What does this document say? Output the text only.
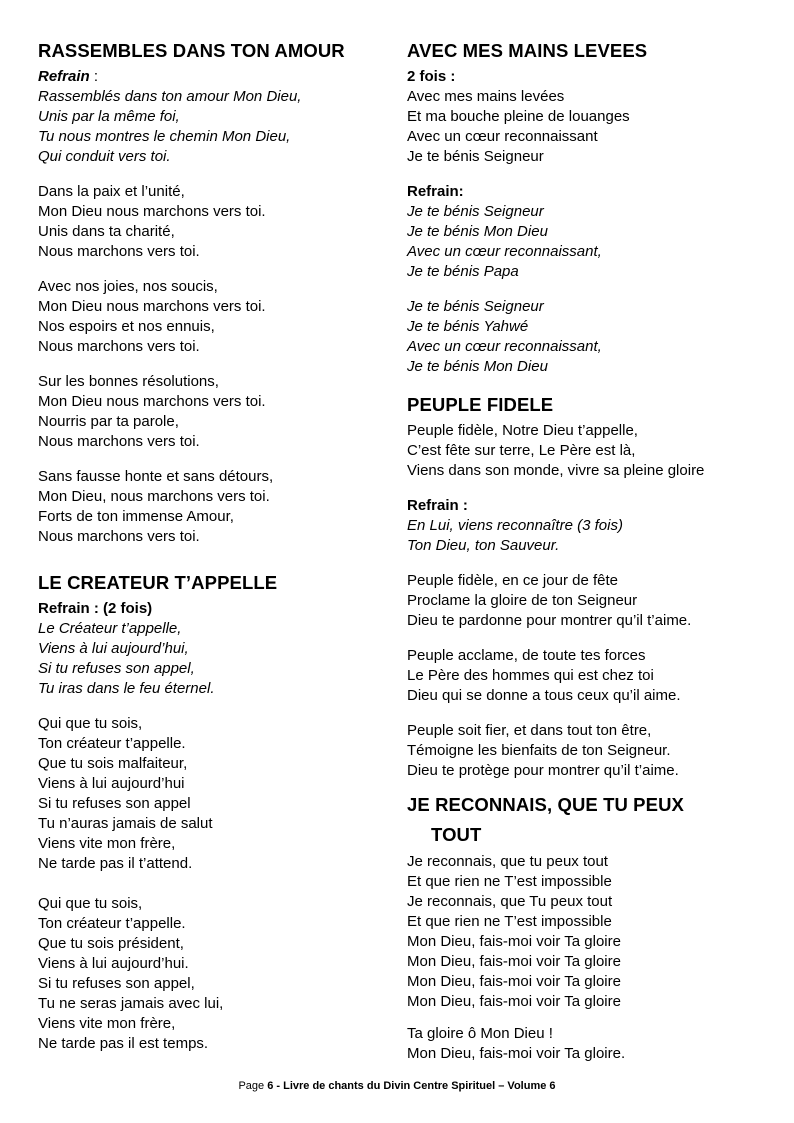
RASSEMBLES DANS TON AMOUR
Refrain :
Rassemblés dans ton amour Mon Dieu,
Unis par la même foi,
Tu nous montres le chemin Mon Dieu,
Qui conduit vers toi.
Dans la paix et l’unité,
Mon Dieu nous marchons vers toi.
Unis dans ta charité,
Nous marchons vers toi.
Avec nos joies, nos soucis,
Mon Dieu nous marchons vers toi.
Nos espoirs et nos ennuis,
Nous marchons vers toi.
Sur les bonnes résolutions,
Mon Dieu nous marchons vers toi.
Nourris par ta parole,
Nous marchons vers toi.
Sans fausse honte et sans détours,
Mon Dieu, nous marchons vers toi.
Forts de ton immense Amour,
Nous marchons vers toi.
LE CREATEUR T’APPELLE
Refrain : (2 fois)
Le Créateur t’appelle,
Viens à lui aujourd’hui,
Si tu refuses son appel,
Tu iras dans le feu éternel.
Qui que tu sois,
Ton créateur t’appelle.
Que tu sois malfaiteur,
Viens à lui aujourd’hui
Si tu refuses son appel
Tu n’auras jamais de salut
Viens vite mon frère,
Ne tarde pas il t’attend.
Qui que tu sois,
Ton créateur t’appelle.
Que tu sois président,
Viens à lui aujourd’hui.
Si tu refuses son appel,
Tu ne seras jamais avec lui,
Viens vite mon frère,
Ne tarde pas il est temps.
AVEC MES MAINS LEVEES
2 fois :
Avec mes mains levées
Et ma bouche pleine de louanges
Avec un cœur reconnaissant
Je te bénis Seigneur
Refrain:
Je te bénis Seigneur
Je te bénis Mon Dieu
Avec un cœur reconnaissant,
Je te bénis Papa
Je te bénis Seigneur
Je te bénis Yahwé
Avec un cœur reconnaissant,
Je te bénis Mon Dieu
PEUPLE FIDELE
Peuple fidèle, Notre Dieu t’appelle,
C’est fête sur terre, Le Père est là,
Viens dans son monde, vivre sa pleine gloire
Refrain :
En Lui, viens reconnaître (3 fois)
Ton Dieu, ton Sauveur.
Peuple fidèle, en ce jour de fête
Proclame la gloire de ton Seigneur
Dieu te pardonne pour montrer qu’il t’aime.
Peuple acclame, de toute tes forces
Le Père des hommes qui est chez toi
Dieu qui se donne a tous ceux qu’il aime.
Peuple soit fier, et dans tout ton être,
Témoigne les bienfaits de ton Seigneur.
Dieu te protège pour montrer qu’il t’aime.
JE RECONNAIS, QUE TU PEUX
TOUT
Je reconnais, que tu peux tout
Et que rien ne T’est impossible
Je reconnais, que Tu peux tout
Et que rien ne T’est impossible
Mon Dieu, fais-moi voir Ta gloire
Mon Dieu, fais-moi voir Ta gloire
Mon Dieu, fais-moi voir Ta gloire
Mon Dieu, fais-moi voir Ta gloire
Ta gloire ô Mon Dieu !
Mon Dieu, fais-moi voir Ta gloire.
Page 6 - Livre de chants du Divin Centre Spirituel – Volume 6
